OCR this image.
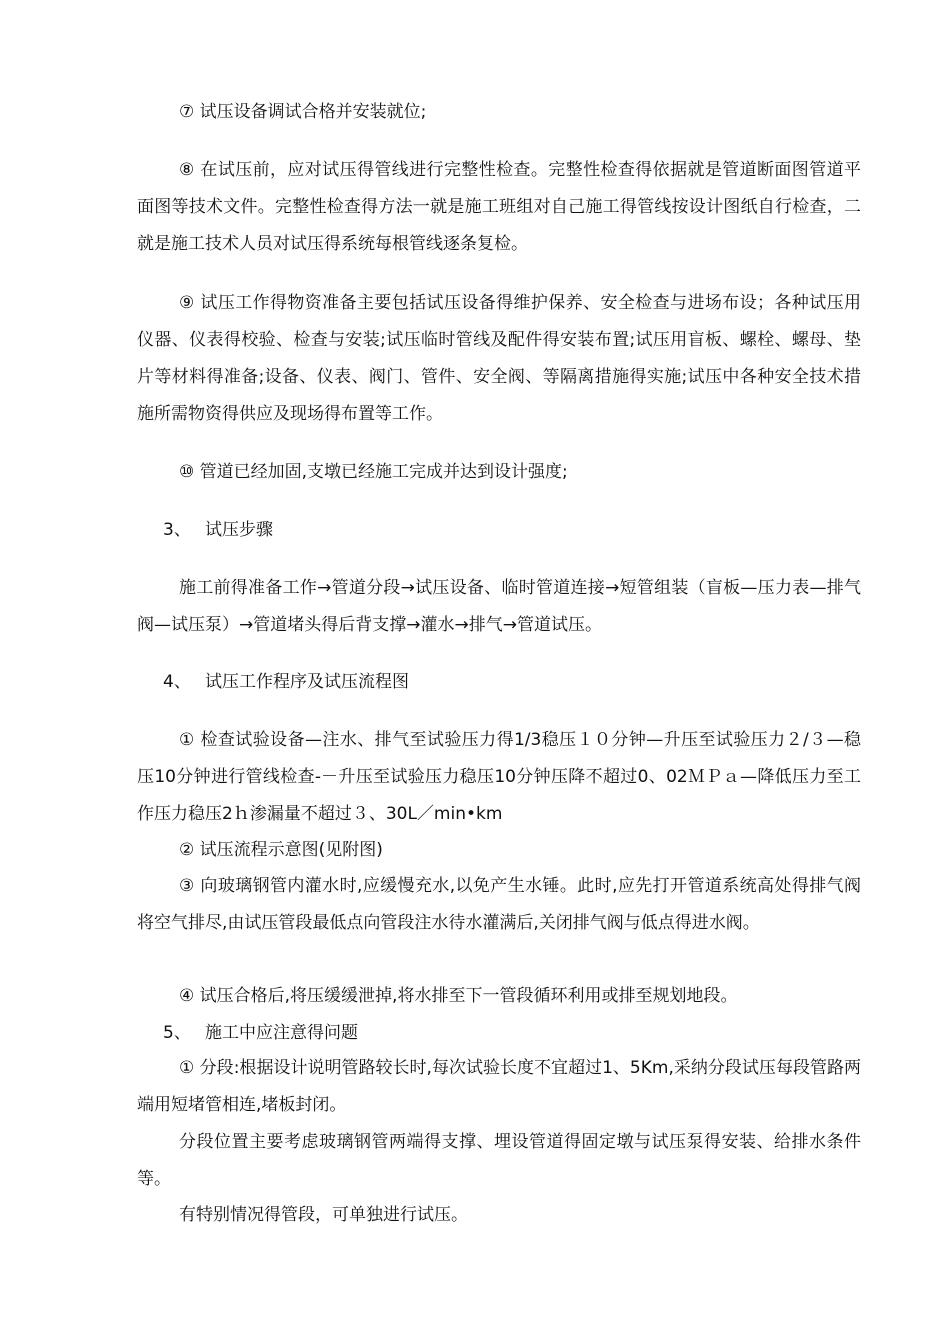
⑦ 试压设备调试合格并安装就位;

⑧ 在试压前，应对试压得管线进行完整性检查。完整性检查得依据就是管道断面图管道平面图等技术文件。完整性检查得方法一就是施工班组对自己施工得管线按设计图纸自行检查，二就是施工技术人员对试压得系统每根管线逐条复检。

⑨ 试压工作得物资准备主要包括试压设备得维护保养、安全检查与进场布设；各种试压用仪器、仪表得校验、检查与安装;试压临时管线及配件得安装布置;试压用盲板、螺栓、螺母、垫片等材料得准备;设备、仪表、阀门、管件、安全阀、等隔离措施得实施;试压中各种安全技术措施所需物资得供应及现场得布置等工作。

⑩ 管道已经加固,支墩已经施工完成并达到设计强度;

3、 试压步骤

施工前得准备工作→管道分段→试压设备、临时管道连接→短管组装（盲板—压力表—排气阀—试压泵）→管道堵头得后背支撑→灌水→排气→管道试压。

4、 试压工作程序及试压流程图

① 检查试验设备—注水、排气至试验压力得1/3稳压１０分钟—升压至试验压力２/３—稳压10分钟进行管线检查-－升压至试验压力稳压10分钟压降不超过0、02ＭＰａ—降低压力至工作压力稳压2ｈ渗漏量不超过３、30L／min•km

② 试压流程示意图(见附图)

③ 向玻璃钢管内灌水时,应缓慢充水,以免产生水锤。此时,应先打开管道系统高处得排气阀将空气排尽,由试压管段最低点向管段注水待水灌满后,关闭排气阀与低点得进水阀。

④ 试压合格后,将压缓缓泄掉,将水排至下一管段循环利用或排至规划地段。

5、 施工中应注意得问题

① 分段:根据设计说明管路较长时,每次试验长度不宜超过1、5Km,采纳分段试压每段管路两端用短堵管相连,堵板封闭。

分段位置主要考虑玻璃钢管两端得支撑、埋设管道得固定墩与试压泵得安装、给排水条件等。

有特别情况得管段，可单独进行试压。
